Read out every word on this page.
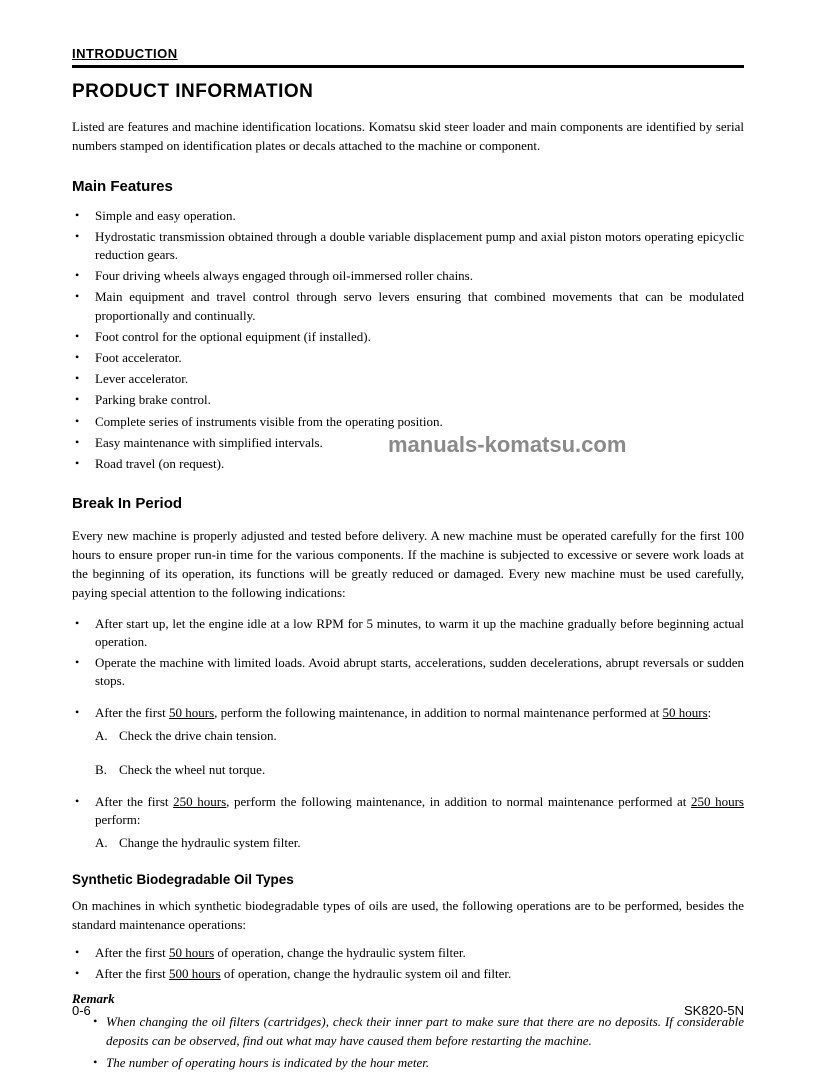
INTRODUCTION
PRODUCT INFORMATION

Listed are features and machine identification locations. Komatsu skid steer loader and main components are identified by serial numbers stamped on identification plates or decals attached to the machine or component.

Main Features
• Simple and easy operation.
• Hydrostatic transmission obtained through a double variable displacement pump and axial piston motors operating epicyclic reduction gears.
• Four driving wheels always engaged through oil-immersed roller chains.
• Main equipment and travel control through servo levers ensuring that combined movements that can be modulated proportionally and continually.
• Foot control for the optional equipment (if installed).
• Foot accelerator.
• Lever accelerator.
• Parking brake control.
• Complete series of instruments visible from the operating position.
• Easy maintenance with simplified intervals.
• Road travel (on request).
manuals-komatsu.com
Break In Period

Every new machine is properly adjusted and tested before delivery. A new machine must be operated carefully for the first 100 hours to ensure proper run-in time for the various components. If the machine is subjected to excessive or severe work loads at the beginning of its operation, its functions will be greatly reduced or damaged. Every new machine must be used carefully, paying special attention to the following indications:

• After start up, let the engine idle at a low RPM for 5 minutes, to warm it up the machine gradually before beginning actual operation.
• Operate the machine with limited loads. Avoid abrupt starts, accelerations, sudden decelerations, abrupt reversals or sudden stops.
• After the first 50 hours, perform the following maintenance, in addition to normal maintenance performed at 50 hours:
A. Check the drive chain tension.
B. Check the wheel nut torque.
• After the first 250 hours, perform the following maintenance, in addition to normal maintenance performed at 250 hours perform:
A. Change the hydraulic system filter.
Synthetic Biodegradable Oil Types

On machines in which synthetic biodegradable types of oils are used, the following operations are to be performed, besides the standard maintenance operations:

• After the first 50 hours of operation, change the hydraulic system filter.
• After the first 500 hours of operation, change the hydraulic system oil and filter.
Remark
• When changing the oil filters (cartridges), check their inner part to make sure that there are no deposits. If considerable deposits can be observed, find out what may have caused them before restarting the machine.
• The number of operating hours is indicated by the hour meter.
0-6	SK820-5N
